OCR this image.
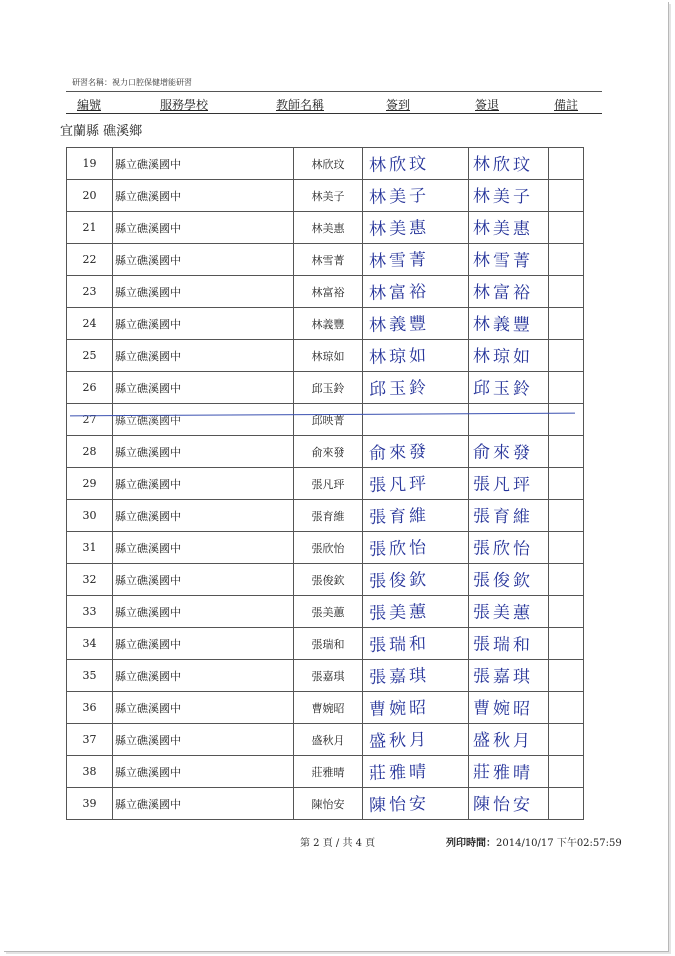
研習名稱：視力口腔保健增能研習
編號	服務學校	教師名稱	簽到	簽退	備註
宜蘭縣 礁溪鄉
19	縣立礁溪國中	林欣玟	林欣玟	林欣玟	

20	縣立礁溪國中	林美子	林美子	林美子	

21	縣立礁溪國中	林美惠	林美惠	林美惠	

22	縣立礁溪國中	林雪菁	林雪菁	林雪菁	

23	縣立礁溪國中	林富裕	林富裕	林富裕	

24	縣立礁溪國中	林義豐	林義豐	林義豐	

25	縣立礁溪國中	林琼如	林琼如	林琼如	

26	縣立礁溪國中	邱玉鈴	邱玉鈴	邱玉鈴	

27	縣立礁溪國中	邱映菁			
28	縣立礁溪國中	俞來發	俞來發	俞來發	

29	縣立礁溪國中	張凡玶	張凡玶	張凡玶	

30	縣立礁溪國中	張育維	張育維	張育維	

31	縣立礁溪國中	張欣怡	張欣怡	張欣怡	

32	縣立礁溪國中	張俊欽	張俊欽	張俊欽	

33	縣立礁溪國中	張美蕙	張美蕙	張美蕙	

34	縣立礁溪國中	張瑞和	張瑞和	張瑞和	

35	縣立礁溪國中	張嘉琪	張嘉琪	張嘉琪	

36	縣立礁溪國中	曹婉昭	曹婉昭	曹婉昭	

37	縣立礁溪國中	盛秋月	盛秋月	盛秋月	

38	縣立礁溪國中	莊雅晴	莊雅晴	莊雅晴	

39	縣立礁溪國中	陳怡安	陳怡安	陳怡安	

第 2 頁 / 共 4 頁	列印時間：2014/10/17 下午02:57:59
